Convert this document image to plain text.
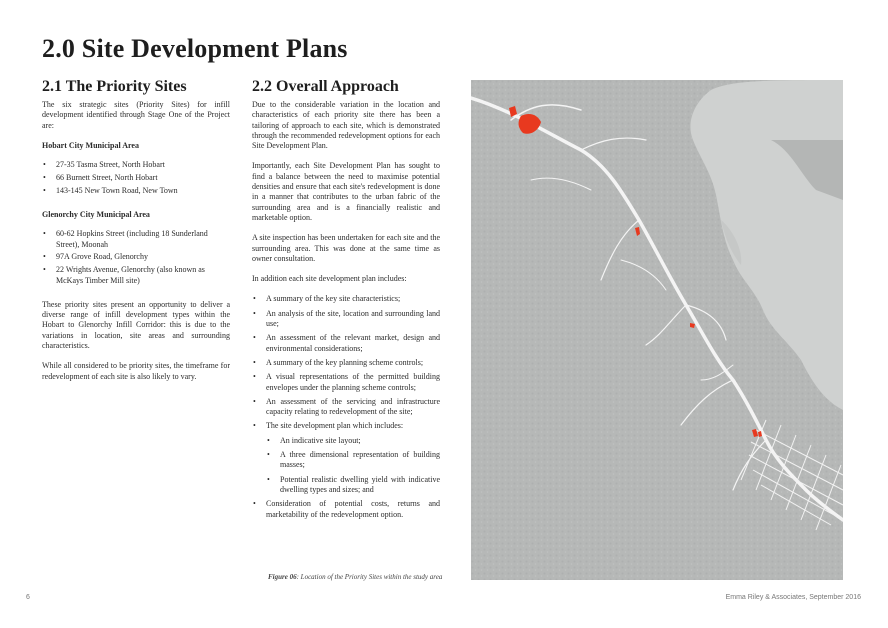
2.0 Site Development Plans
2.1 The Priority Sites	2.2 Overall Approach

The six strategic sites (Priority Sites) for infill development identified through Stage One of the Project are:

Hobart City Municipal Area

• 27-35 Tasma Street, North Hobart
• 66 Burnett Street, North Hobart
• 143-145 New Town Road, New Town

Glenorchy City Municipal Area

• 60-62 Hopkins Street (including 18 Sunderland Street), Moonah
• 97A Grove Road, Glenorchy
• 22 Wrights Avenue, Glenorchy (also known as McKays Timber Mill site)

These priority sites present an opportunity to deliver a diverse range of infill development types within the Hobart to Glenorchy Infill Corridor: this is due to the variations in location, site areas and surrounding characteristics.

While all considered to be priority sites, the timeframe for redevelopment of each site is also likely to vary.

Due to the considerable variation in the location and characteristics of each priority site there has been a tailoring of approach to each site, which is demonstrated through the recommended redevelopment options for each Site Development Plan.

Importantly, each Site Development Plan has sought to find a balance between the need to maximise potential densities and ensure that each site's redevelopment is done in a manner that contributes to the urban fabric of the surrounding area and is a financially realistic and marketable option.

A site inspection has been undertaken for each site and the surrounding area. This was done at the same time as owner consultation.

In addition each site development plan includes:

• A summary of the key site characteristics;
• An analysis of the site, location and surrounding land use;
• An assessment of the relevant market, design and environmental considerations;
• A summary of the key planning scheme controls;
• A visual representations of the permitted building envelopes under the planning scheme controls;
• An assessment of the servicing and infrastructure capacity relating to redevelopment of the site;
• The site development plan which includes:
• An indicative site layout;
• A three dimensional representation of building masses;
• Potential realistic dwelling yield with indicative dwelling types and sizes; and
• Consideration of potential costs, returns and marketability of the redevelopment option.
Figure 06: Location of the Priority Sites within the study area
6	Emma Riley & Associates, September 2016
